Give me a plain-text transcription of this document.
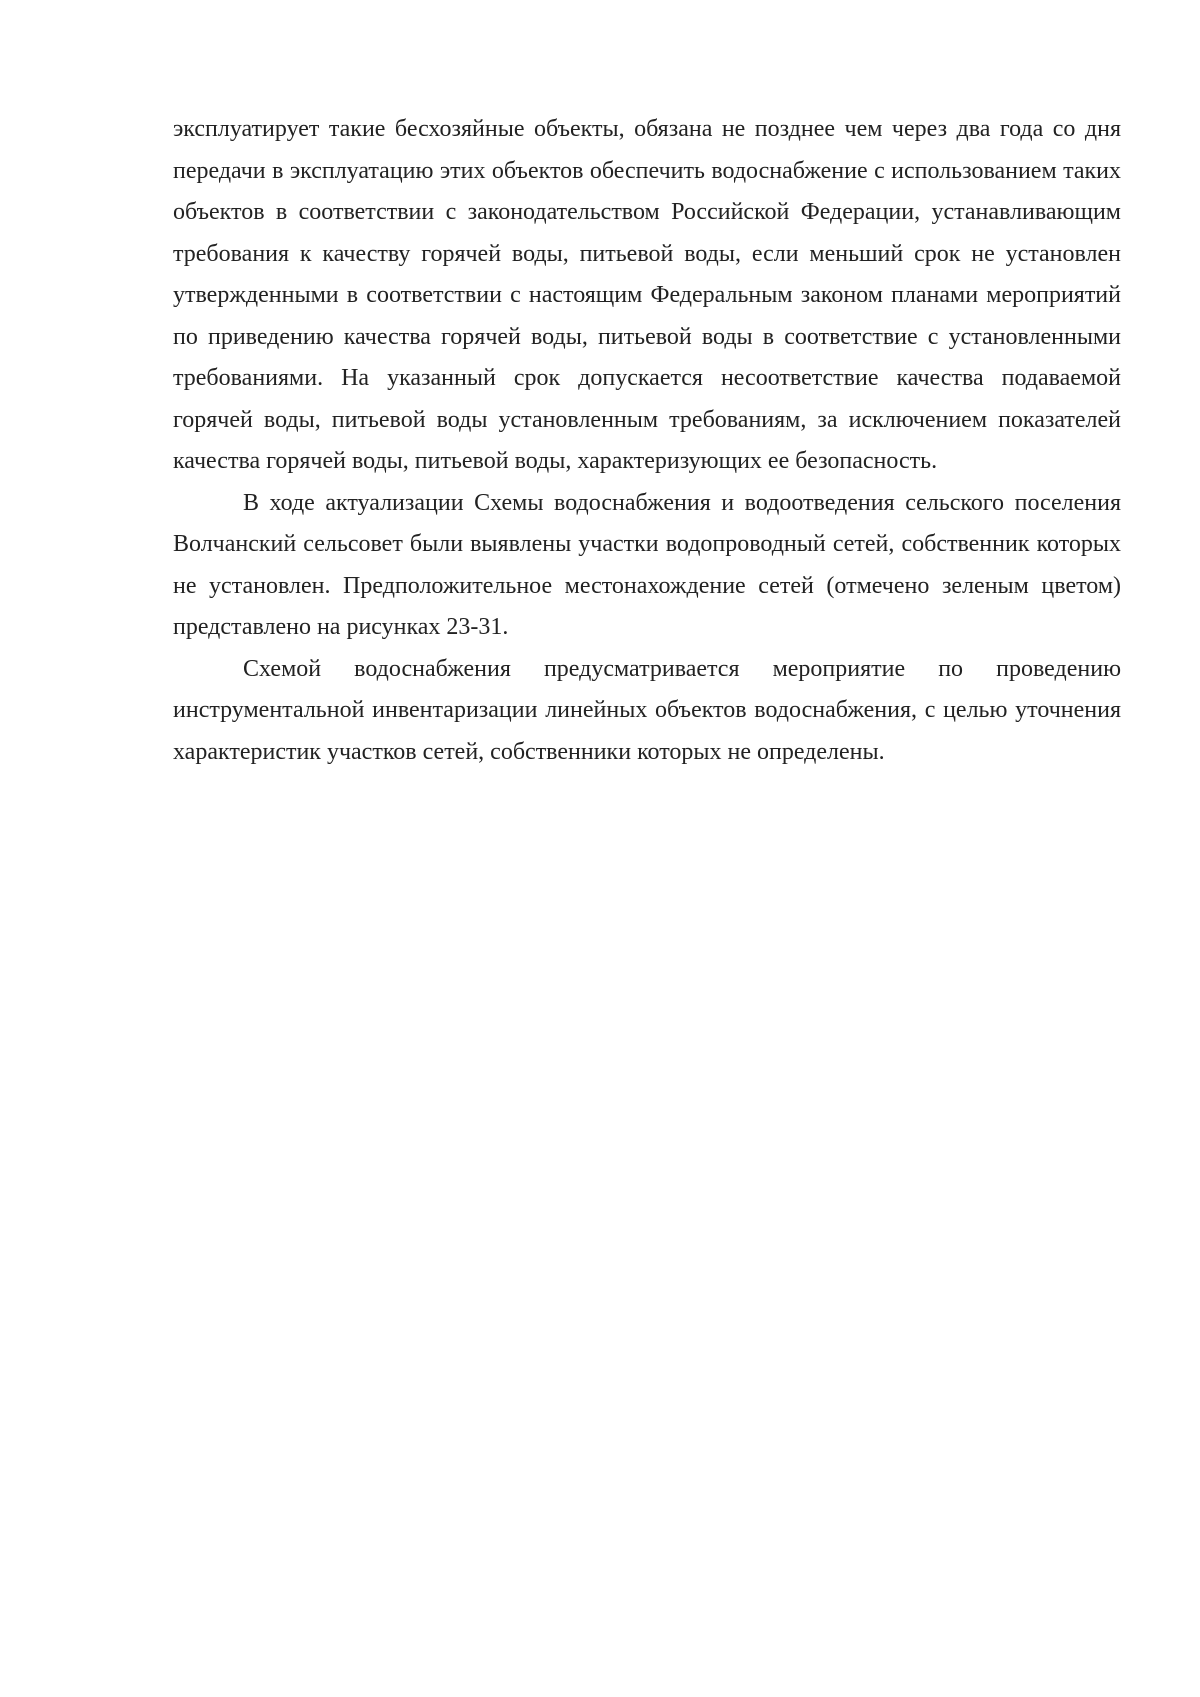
эксплуатирует такие бесхозяйные объекты, обязана не позднее чем через два года со дня передачи в эксплуатацию этих объектов обеспечить водоснабжение с использованием таких объектов в соответствии с законодательством Российской Федерации, устанавливающим требования к качеству горячей воды, питьевой воды, если меньший срок не установлен утвержденными в соответствии с настоящим Федеральным законом планами мероприятий по приведению качества горячей воды, питьевой воды в соответствие с установленными требованиями. На указанный срок допускается несоответствие качества подаваемой горячей воды, питьевой воды установленным требованиям, за исключением показателей качества горячей воды, питьевой воды, характеризующих ее безопасность.

В ходе актуализации Схемы водоснабжения и водоотведения сельского поселения Волчанский сельсовет были выявлены участки водопроводный сетей, собственник которых не установлен. Предположительное местонахождение сетей (отмечено зеленым цветом) представлено на рисунках 23-31.

Схемой водоснабжения предусматривается мероприятие по проведению инструментальной инвентаризации линейных объектов водоснабжения, с целью уточнения характеристик участков сетей, собственники которых не определены.
